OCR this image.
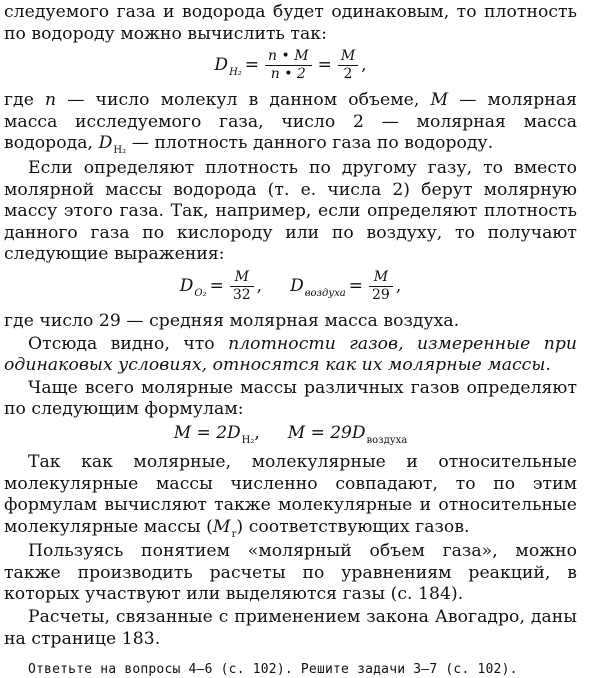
следуемого газа и водорода будет одинаковым, то плотность по водороду можно вычислить так:

$D_{H_2} = \frac{n • M}{n • 2} = \frac{M}{2}$ ,

где n — число молекул в данном объеме, M — молярная масса исследуемого газа, число 2 — молярная масса водорода, $D_{H_2}$ — плотность данного газа по водороду.

Если определяют плотность по другому газу, то вместо молярной массы водорода (т. е. числа 2) берут молярную массу этого газа. Так, например, если определяют плотность данного газа по кислороду или по воздуху, то получают следующие выражения:

$D_{O_2} = \frac{M}{32}$ , $D_{воздуха} = \frac{M}{29}$ ,

где число 29 — средняя молярная масса воздуха.

Отсюда видно, что плотности газов, измеренные при одинаковых условиях, относятся как их молярные массы.

Чаще всего молярные массы различных газов определяют по следующим формулам:

$M = 2D_{H_2}$, $M = 29D_{воздуха}$

Так как молярные, молекулярные и относительные молекулярные массы численно совпадают, то по этим формулам вычисляют также молекулярные и относительные молекулярные массы $(M_r)$ соответствующих газов.

Пользуясь понятием «молярный объем газа», можно также производить расчеты по уравнениям реакций, в которых участвуют или выделяются газы (с. 184).

Расчеты, связанные с применением закона Авогадро, даны на странице 183.

Ответьте на вопросы 4—6 (с. 102). Решите задачи 3—7 (с. 102).
